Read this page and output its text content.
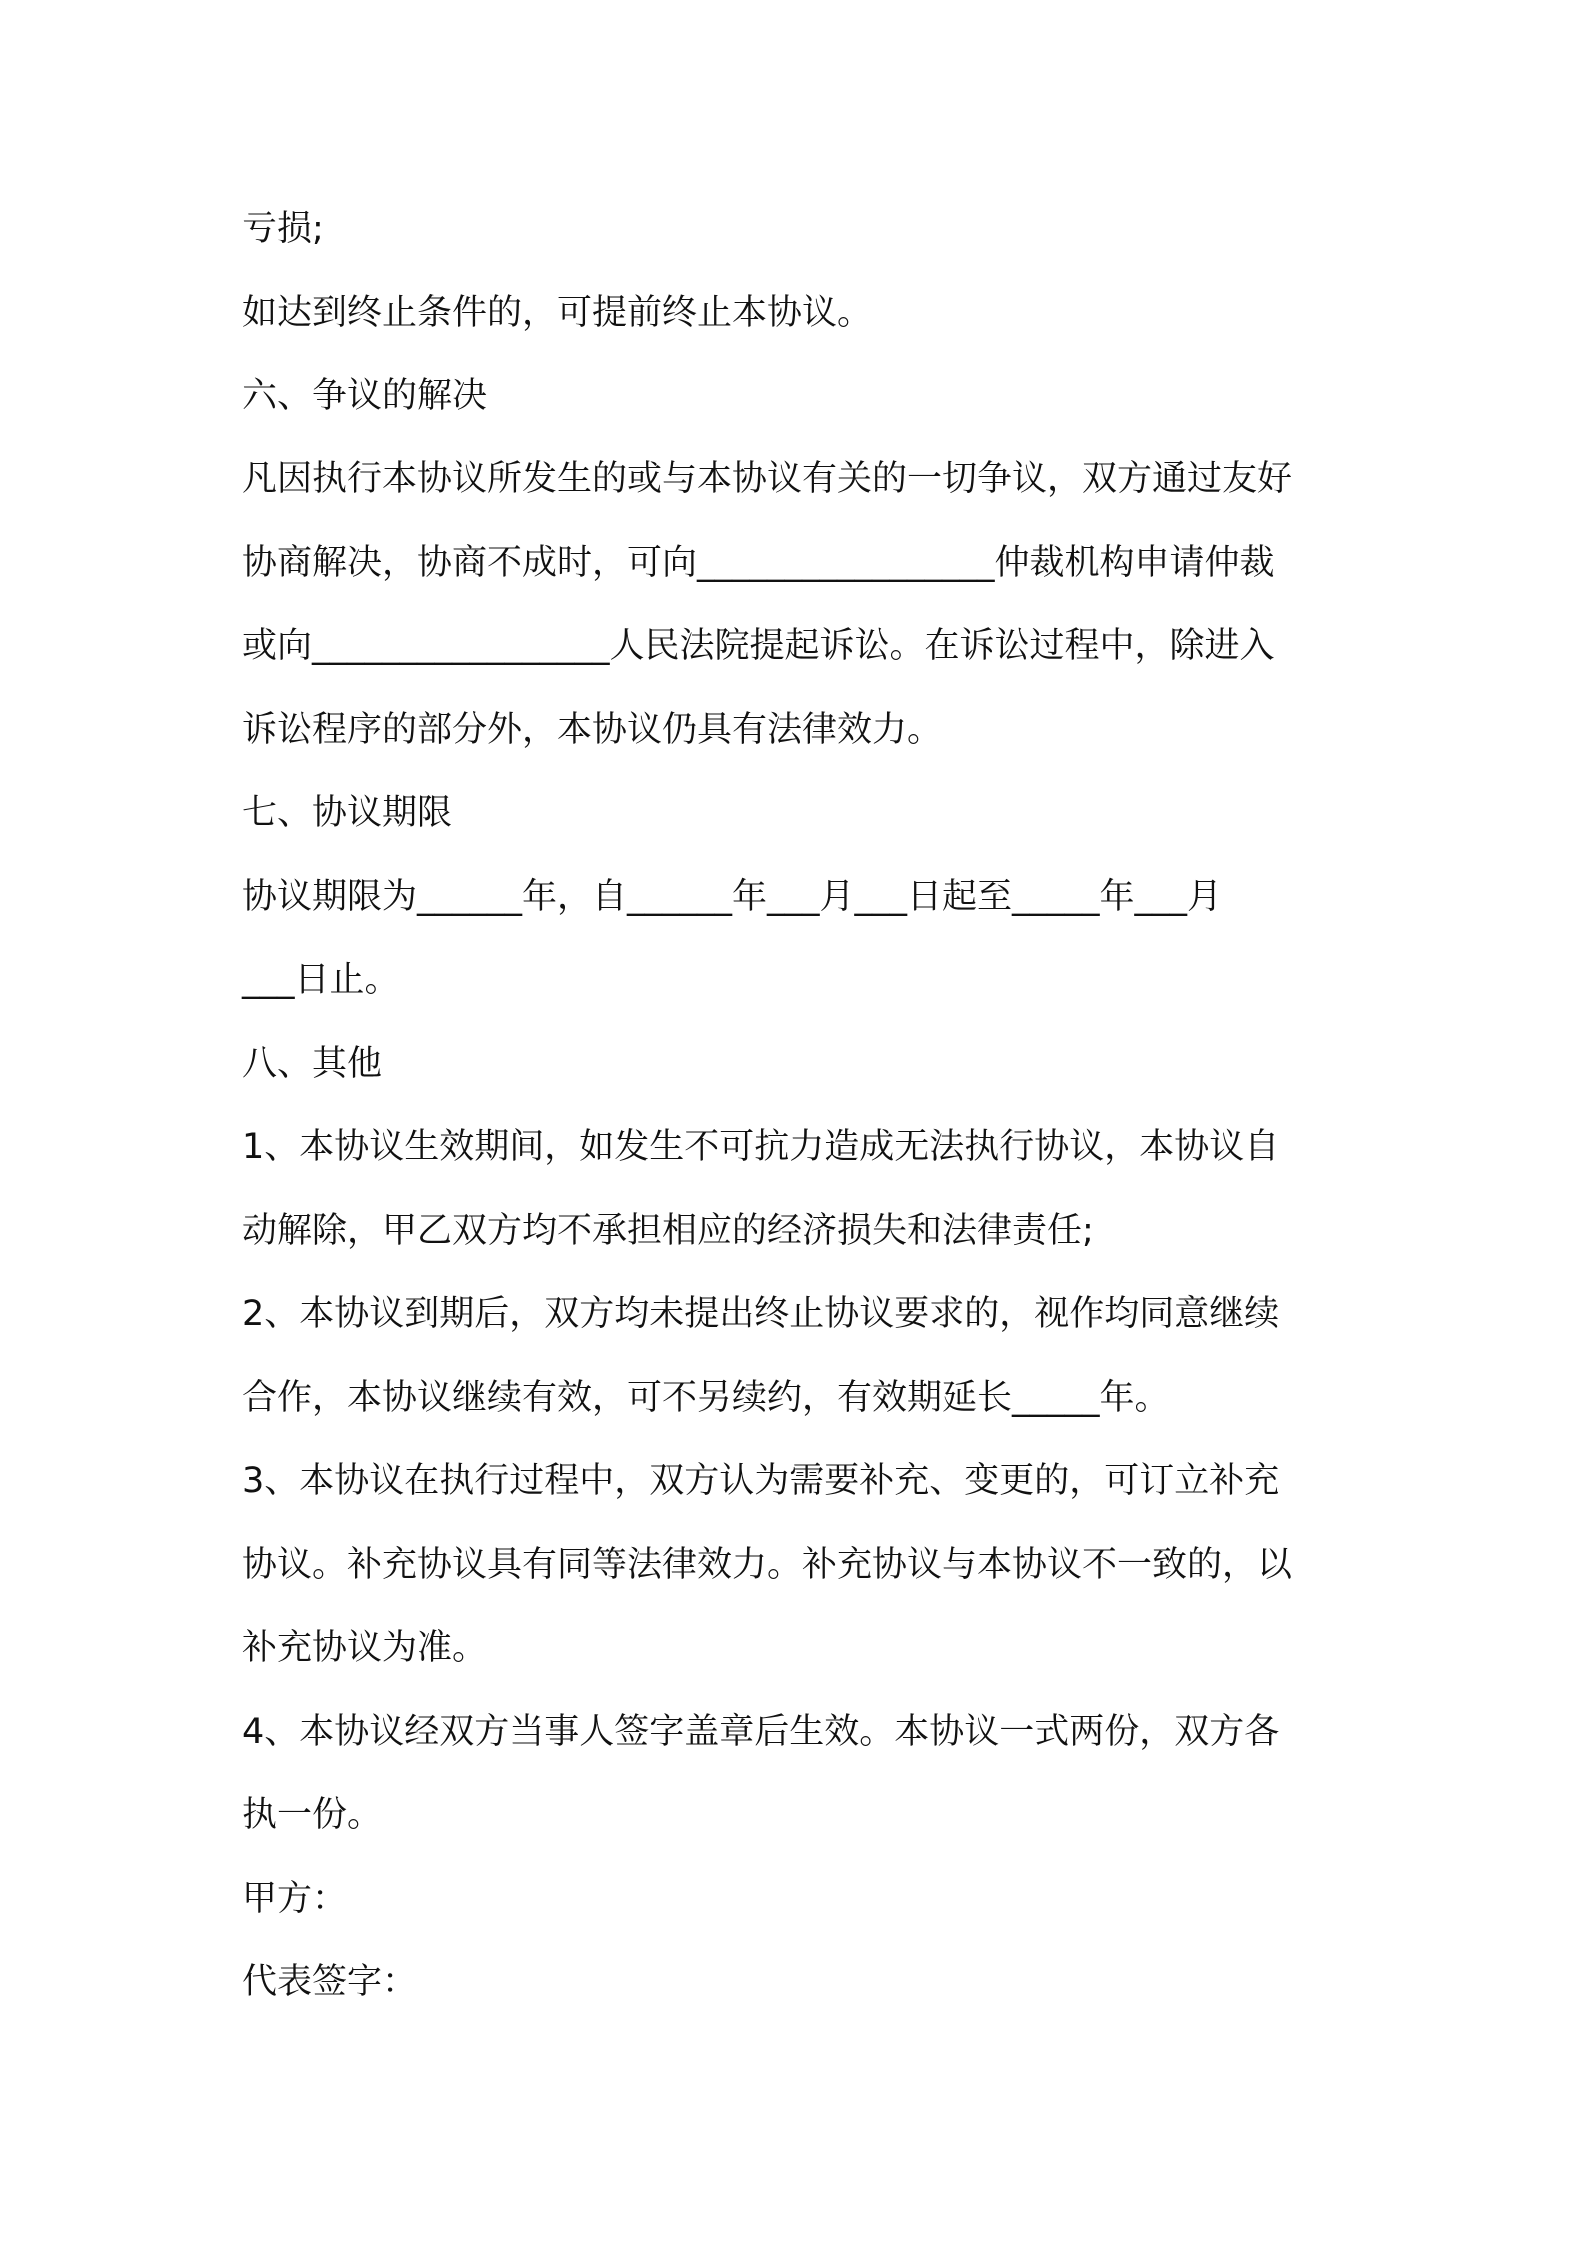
亏损;
如达到终止条件的，可提前终止本协议。
六、争议的解决
凡因执行本协议所发生的或与本协议有关的一切争议，双方通过友好
协商解决，协商不成时，可向_________________仲裁机构申请仲裁
或向_________________人民法院提起诉讼。在诉讼过程中，除进入
诉讼程序的部分外，本协议仍具有法律效力。
七、协议期限
协议期限为______年，自______年___月___日起至_____年___月
___日止。
八、其他
1、本协议生效期间，如发生不可抗力造成无法执行协议，本协议自
动解除，甲乙双方均不承担相应的经济损失和法律责任;
2、本协议到期后，双方均未提出终止协议要求的，视作均同意继续
合作，本协议继续有效，可不另续约，有效期延长_____年。
3、本协议在执行过程中，双方认为需要补充、变更的，可订立补充
协议。补充协议具有同等法律效力。补充协议与本协议不一致的，以
补充协议为准。
4、本协议经双方当事人签字盖章后生效。本协议一式两份，双方各
执一份。
甲方：
代表签字：
